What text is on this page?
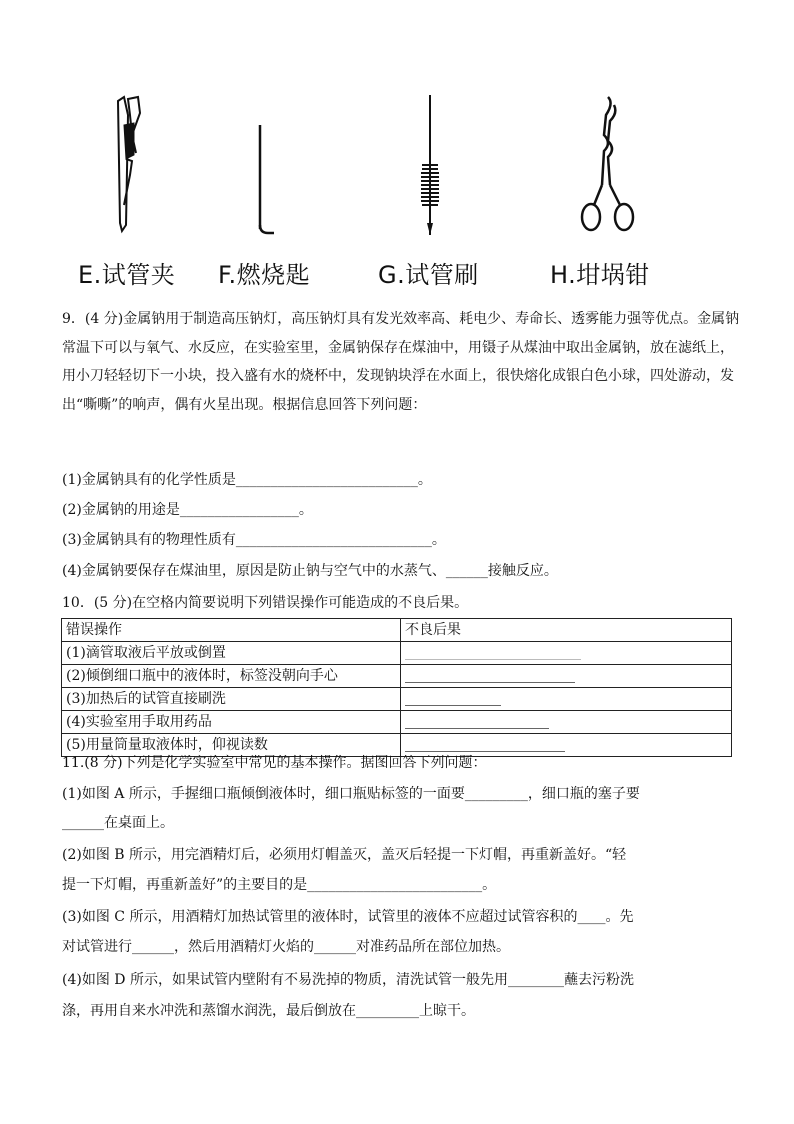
E.试管夹 F.燃烧匙	G.试管刷	H.坩埚钳

9．(4 分)金属钠用于制造高压钠灯，高压钠灯具有发光效率高、耗电少、寿命长、透雾能力强等优点。金属钠常温下可以与氧气、水反应，在实验室里，金属钠保存在煤油中，用镊子从煤油中取出金属钠，放在滤纸上，用小刀轻轻切下一小块，投入盛有水的烧杯中，发现钠块浮在水面上，很快熔化成银白色小球，四处游动，发出“嘶嘶”的响声，偶有火星出现。根据信息回答下列问题：

(1)金属钠具有的化学性质是__________________________。

(2)金属钠的用途是_________________。

(3)金属钠具有的物理性质有____________________________。

(4)金属钠要保存在煤油里，原因是防止钠与空气中的水蒸气、______接触反应。

10．(5 分)在空格内简要说明下列错误操作可能造成的不良后果。

错误操作	不良后果
(1)滴管取液后平放或倒置	
(2)倾倒细口瓶中的液体时，标签没朝向手心	
(3)加热后的试管直接刷洗	
(4)实验室用手取用药品	
(5)用量筒量取液体时，仰视读数	

11.(8 分)下列是化学实验室中常见的基本操作。据图回答下列问题：

(1)如图 A 所示，手握细口瓶倾倒液体时，细口瓶贴标签的一面要_________，细口瓶的塞子要

______在桌面上。

(2)如图 B 所示，用完酒精灯后，必须用灯帽盖灭，盖灭后轻提一下灯帽，再重新盖好。“轻

提一下灯帽，再重新盖好”的主要目的是_________________________。

(3)如图 C 所示，用酒精灯加热试管里的液体时，试管里的液体不应超过试管容积的____。先

对试管进行______，然后用酒精灯火焰的______对准药品所在部位加热。

(4)如图 D 所示，如果试管内壁附有不易洗掉的物质，清洗试管一般先用________蘸去污粉洗

涤，再用自来水冲洗和蒸馏水润洗，最后倒放在_________上晾干。
